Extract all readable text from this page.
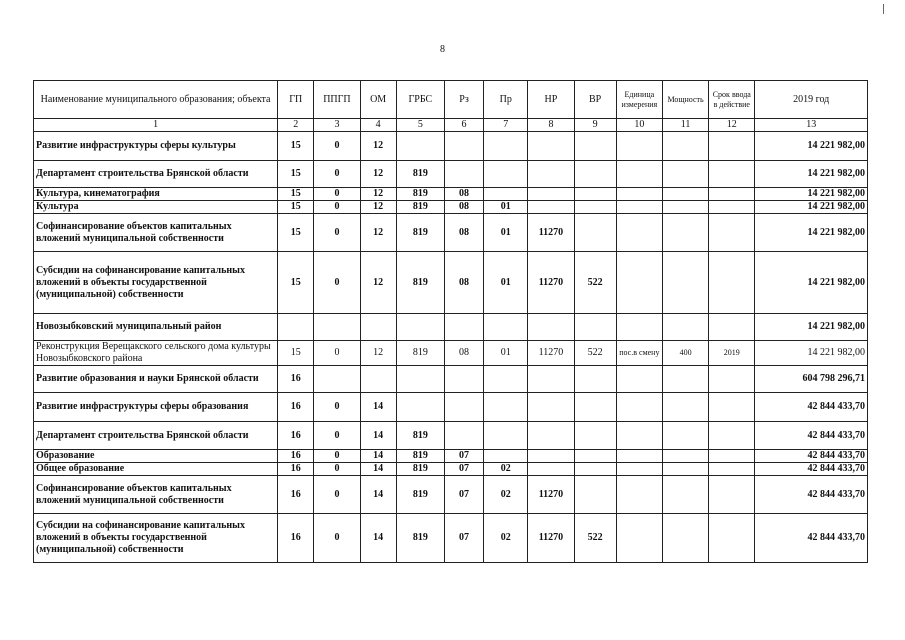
8
Наименование муниципального образования; объекта	ГП	ППГП	ОМ	ГРБС	Рз	Пр	НР	ВР	Единица измерения	Мощность	Срок ввода в действие	2019 год
1	2	3	4	5	6	7	8	9	10	11	12	13
Развитие инфраструктуры сферы культуры	15	0	12									14 221 982,00
Департамент строительства Брянской области	15	0	12	819								14 221 982,00
Культура, кинематография	15	0	12	819	08							14 221 982,00
Культура	15	0	12	819	08	01						14 221 982,00
Софинансирование объектов капитальных вложений муниципальной собственности	15	0	12	819	08	01	11270					14 221 982,00
Субсидии на софинансирование капитальных вложений в объекты государственной (муниципальной) собственности	15	0	12	819	08	01	11270	522				14 221 982,00
Новозыбковский муниципальный район												14 221 982,00
Реконструкция Верещакского сельского дома культуры Новозыбковского района	15	0	12	819	08	01	11270	522	пос.в смену	400	2019	14 221 982,00
Развитие образования и науки Брянской области	16											604 798 296,71
Развитие инфраструктуры сферы образования	16	0	14									42 844 433,70
Департамент строительства Брянской области	16	0	14	819								42 844 433,70
Образование	16	0	14	819	07							42 844 433,70
Общее образование	16	0	14	819	07	02						42 844 433,70
Софинансирование объектов капитальных вложений муниципальной собственности	16	0	14	819	07	02	11270					42 844 433,70
Субсидии на софинансирование капитальных вложений в объекты государственной (муниципальной) собственности	16	0	14	819	07	02	11270	522				42 844 433,70
